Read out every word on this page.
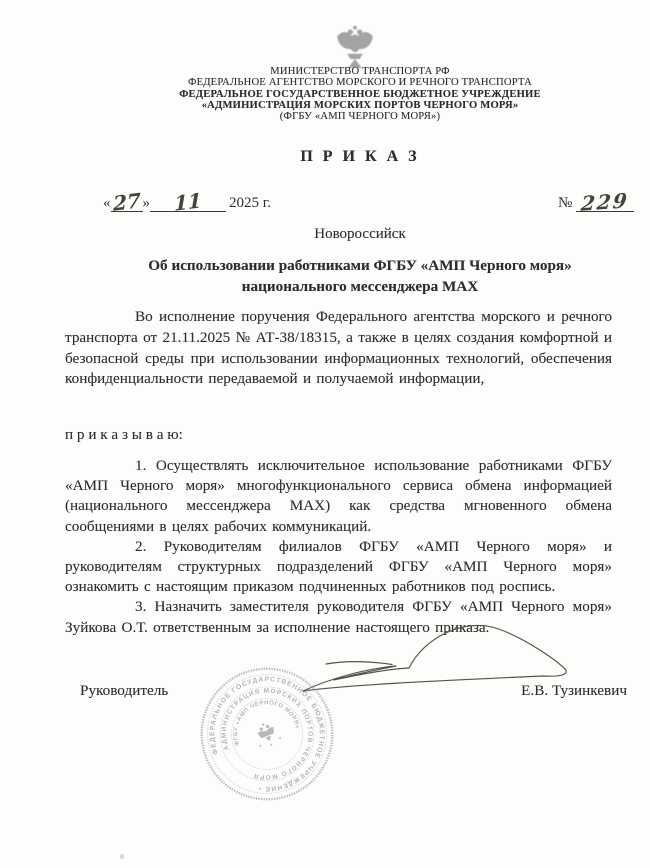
МИНИСТЕРСТВО ТРАНСПОРТА РФ
ФЕДЕРАЛЬНОЕ АГЕНТСТВО МОРСКОГО И РЕЧНОГО ТРАНСПОРТА
ФЕДЕРАЛЬНОЕ ГОСУДАРСТВЕННОЕ БЮДЖЕТНОЕ УЧРЕЖДЕНИЕ
«АДМИНИСТРАЦИЯ МОРСКИХ ПОРТОВ ЧЕРНОГО МОРЯ»
(ФГБУ «АМП ЧЕРНОГО МОРЯ»)
П Р И К А З
«27 » 11 2025 г.	№ 229
Новороссийск
Об использовании работниками ФГБУ «АМП Черного моря»
национального мессенджера MAX
Во исполнение поручения Федерального агентства морского и речного транспорта от 21.11.2025 № АТ-38/18315, а также в целях создания комфортной и безопасной среды при использовании информационных технологий, обеспечения конфиденциальности передаваемой и получаемой информации,
п р и к а з ы в а ю:

1. Осуществлять исключительное использование работниками ФГБУ «АМП Черного моря» многофункционального сервиса обмена информацией (национального мессенджера MAX) как средства мгновенного обмена сообщениями в целях рабочих коммуникаций.

2. Руководителям филиалов ФГБУ «АМП Черного моря» и руководителям структурных подразделений ФГБУ «АМП Черного моря» ознакомить с настоящим приказом подчиненных работников под роспись.

3. Назначить заместителя руководителя ФГБУ «АМП Черного моря» Зуйкова О.Т. ответственным за исполнение настоящего приказа.

Руководитель	Е.В. Тузинкевич
ФЕДЕРАЛЬНОЕ ГОСУДАРСТВЕННОЕ БЮДЖЕТНОЕ УЧРЕЖДЕНИЕ •
АДМИНИСТРАЦИЯ МОРСКИХ ПОРТОВ ЧЕРНОГО МОРЯ
ФГБУ «АМП ЧЕРНОГО МОРЯ»
